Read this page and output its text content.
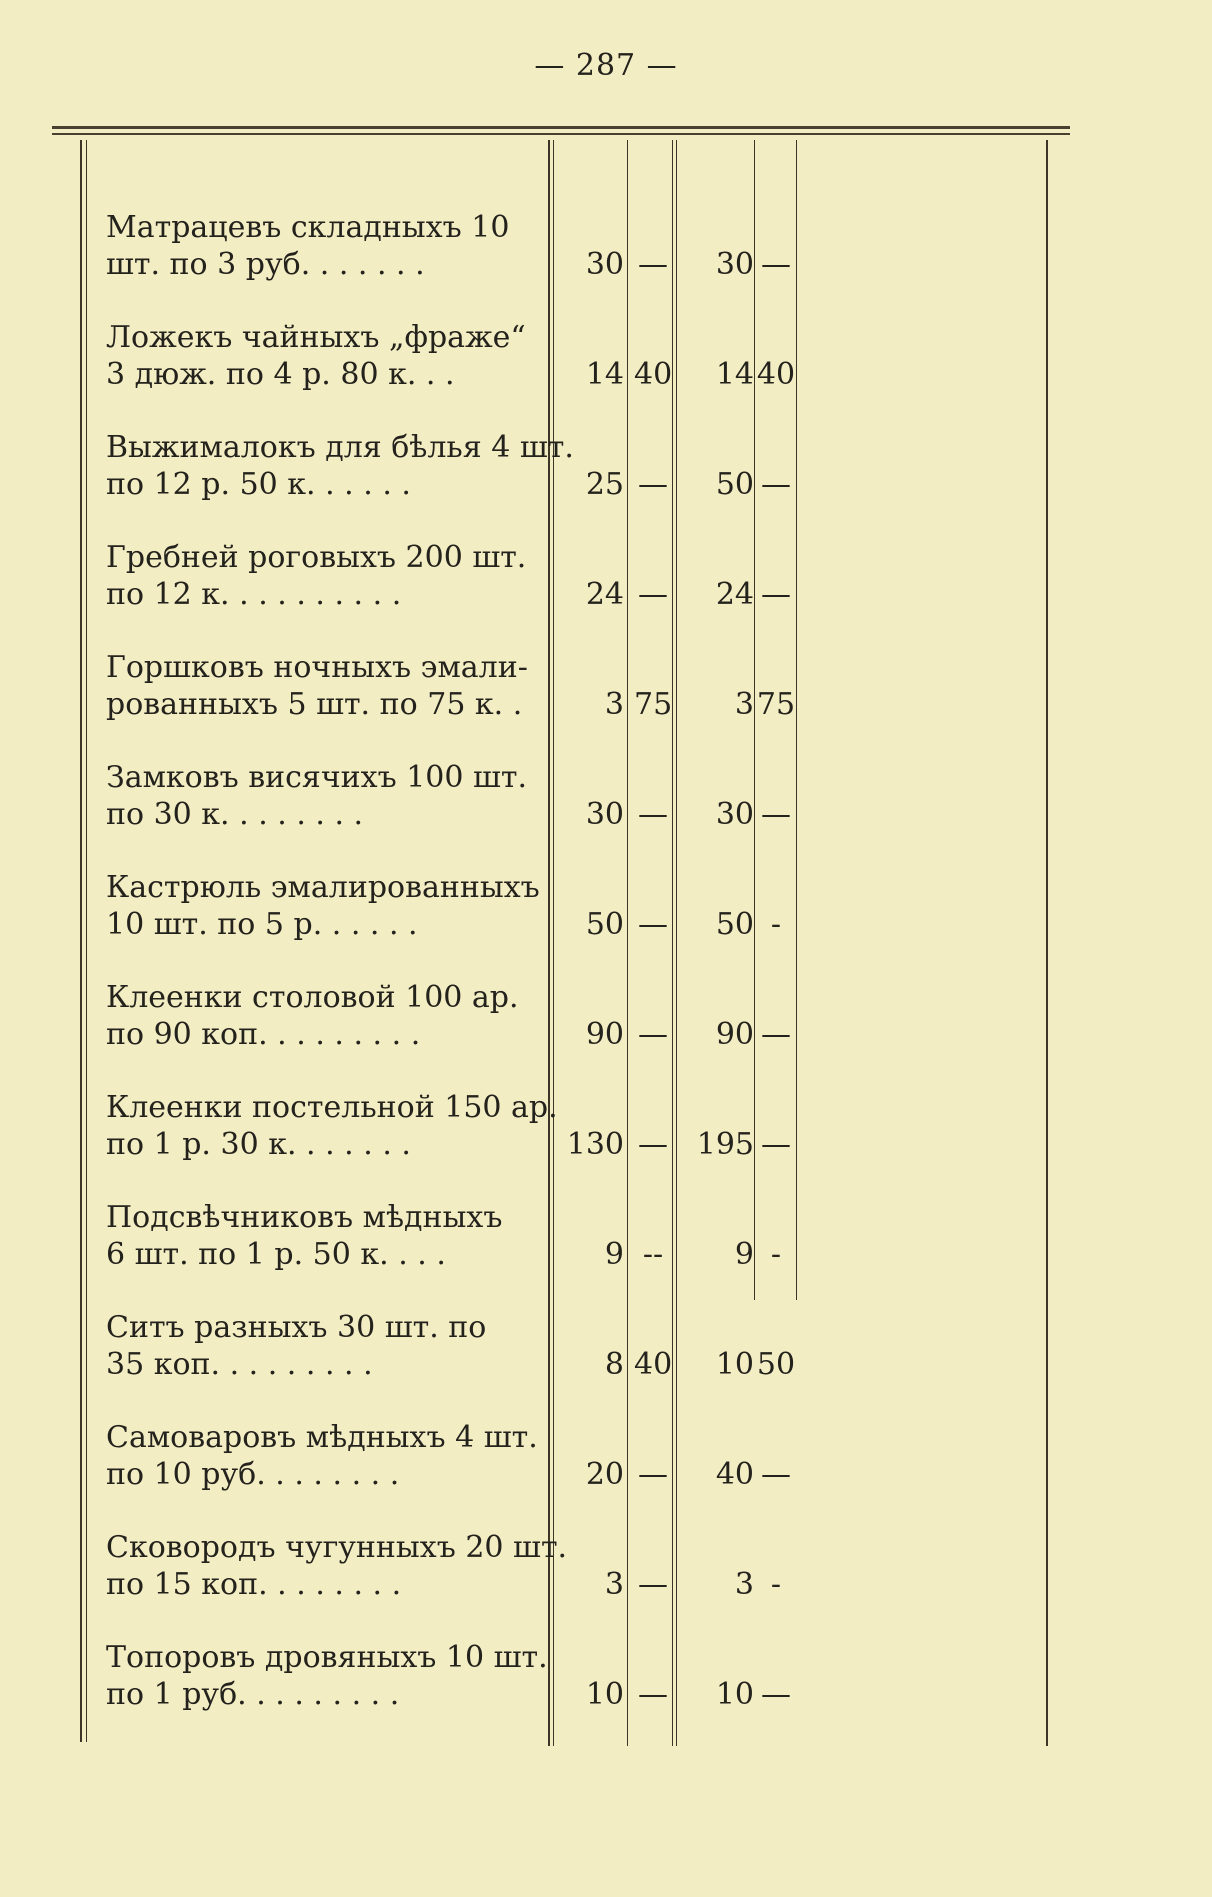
— 287 —
Матрацевъ складныхъ 10
шт. по 3 руб. . . . . . .	30 — 30 —
Ложекъ чайныхъ „фраже“
3 дюж. по 4 р. 80 к. . .	14 40 14 40
Выжималокъ для бѣлья 4 шт.
по 12 р. 50 к. . . . . .	25 — 50 —
Гребней роговыхъ 200 шт.
по 12 к. . . . . . . . . .	24 — 24 —
Горшковъ ночныхъ эмали-
рованныхъ 5 шт. по 75 к. .	3 75 3 75
Замковъ висячихъ 100 шт.
по 30 к. . . . . . . .	30 — 30 —
Кастрюль эмалированныхъ
10 шт. по 5 р. . . . . .	50 — 50 -
Клеенки столовой 100 ар.
по 90 коп. . . . . . . . .	90 — 90 —
Клеенки постельной 150 ар.
по 1 р. 30 к. . . . . . .	130 — 195 —
Подсвѣчниковъ мѣдныхъ
6 шт. по 1 р. 50 к. . . .	9 -- 9 -
Ситъ разныхъ 30 шт. по
35 коп. . . . . . . . .	8 40 10 50
Самоваровъ мѣдныхъ 4 шт.
по 10 руб. . . . . . . .	20 — 40 —
Сковородъ чугунныхъ 20 шт.
по 15 коп. . . . . . . .	3 — 3 -
Топоровъ дровяныхъ 10 шт.
по 1 руб. . . . . . . . .	10 — 10 —
